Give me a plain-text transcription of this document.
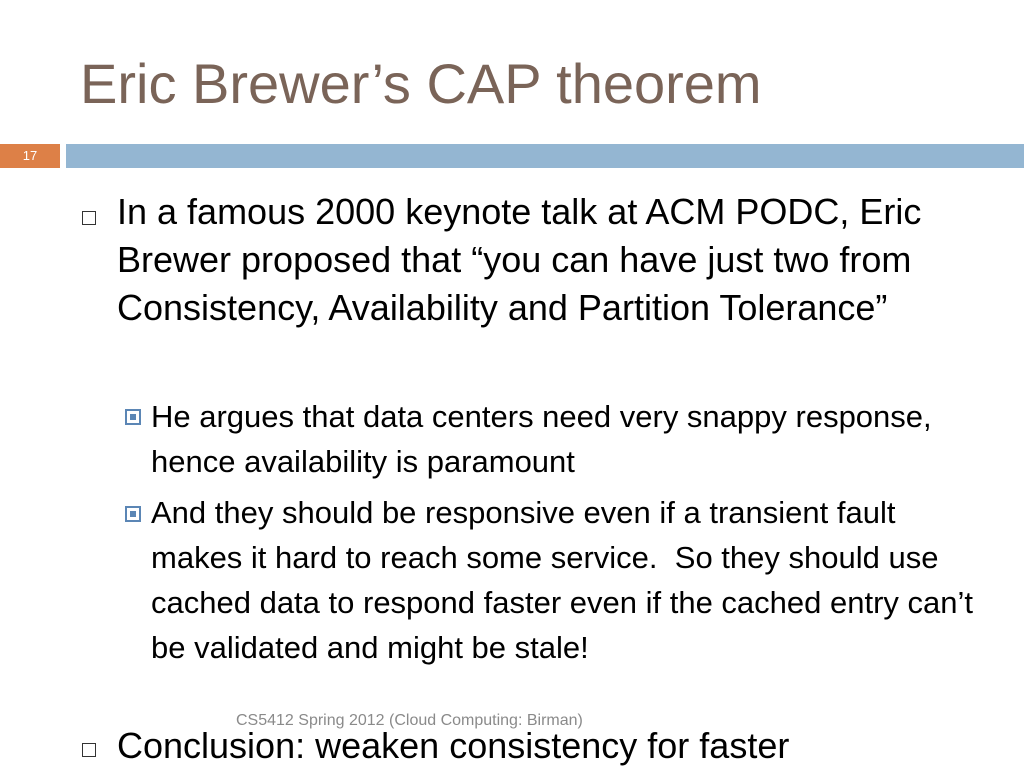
Eric Brewer’s CAP theorem
17
In a famous 2000 keynote talk at ACM PODC, Eric Brewer proposed that “you can have just two from Consistency, Availability and Partition Tolerance”
He argues that data centers need very snappy response, hence availability is paramount
And they should be responsive even if a transient fault makes it hard to reach some service.  So they should use cached data to respond faster even if the cached entry can’t be validated and might be stale!
Conclusion: weaken consistency for faster
CS5412 Spring 2012 (Cloud Computing: Birman)
